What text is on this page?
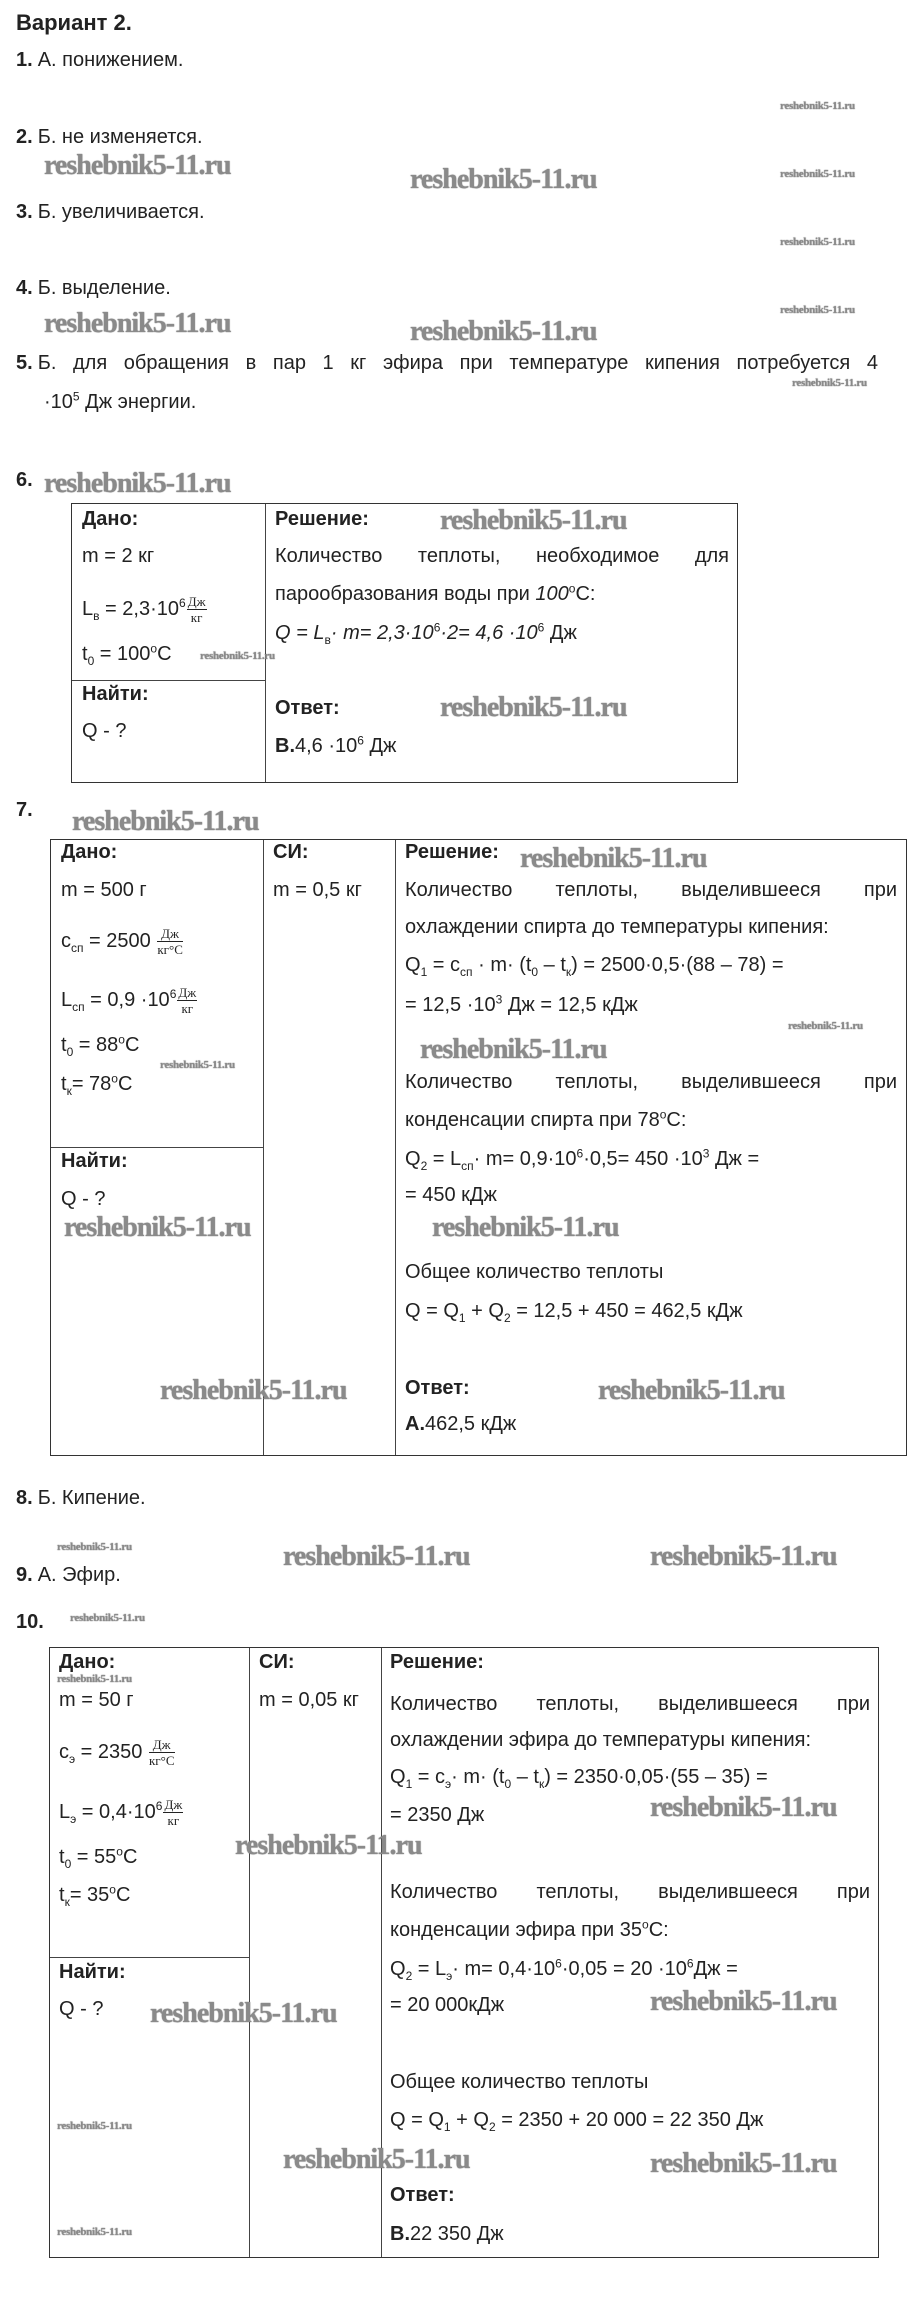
Вариант 2.
1. А. понижением.
2. Б. не изменяется.
3. Б. увеличивается.
4. Б. выделение.
5. Б. для обращения в пар 1 кг эфира при температуре кипения потребуется 4
$\cdot 10^5$ Дж энергии.
6.
Дано:
m = 2 кг
$L_в = 2,3\cdot 10^6 \frac{Дж}{кг}$
$t_0 = 100^oC$
Найти:
Q - ?
Решение:
Количество теплоты, необходимое для
парообразования воды при 100$^o$C:
$Q = L_в\cdot m= 2,3\cdot 10^6\cdot 2= 4,6 \cdot 10^6$ Дж
Ответ:
$В.4,6 \cdot 10^6$ Дж
7.
Дано:
m = 500 г
$c_{сп} = 2500 \frac{Дж}{кг^\circ C}$
$L_{сп} = 0,9 \cdot 10^6 \frac{Дж}{кг}$
$t_0 = 88^oC$
$t_к= 78^oC$
Найти:
Q - ?
СИ:
m = 0,5 кг
Решение:
Количество теплоты, выделившееся при
охлаждении спирта до температуры кипения:
$Q_1 = c_{сп} \cdot m\cdot (t_0 - t_к) = 2500\cdot 0,5\cdot(88 - 78)$ =
= $12,5 \cdot 10^3$ Дж = 12,5 кДж
Количество теплоты, выделившееся при
конденсации спирта при 78$^o$C:
$Q_2 = L_{сп}\cdot m= 0,9\cdot 10^6\cdot 0,5= 450 \cdot 10^3$ Дж =
= 450 кДж
Общее количество теплоты
$Q = Q_1 + Q_2 = 12,5 + 450 = 462,5$ кДж
Ответ:
А.462,5 кДж
8. Б. Кипение.
9. А. Эфир.
10.
Дано:
m = 50 г
$c_э = 2350 \frac{Дж}{кг^\circ C}$
$L_э = 0,4\cdot 10^6 \frac{Дж}{кг}$
$t_0 = 55^oC$
$t_к= 35^oC$
Найти:
Q - ?
СИ:
m = 0,05 кг
Решение:
Количество теплоты, выделившееся при
охлаждении эфира до температуры кипения:
$Q_1 = c_э\cdot m\cdot (t_0 - t_к) = 2350\cdot 0,05\cdot(55 - 35)$ =
= 2350 Дж
Количество теплоты, выделившееся при
конденсации эфира при 35$^o$C:
$Q_2 = L_э\cdot m= 0,4\cdot 10^6\cdot 0,05 = 20 \cdot 10^6Дж$ =
= 20 000кДж
Общее количество теплоты
$Q = Q_1 + Q_2 = 2350 + 20$ 000 = 22 350 Дж
Ответ:
В.22 350 Дж
reshebnik5-11.ru	reshebnik5-11.ru
reshebnik5-11.ru
reshebnik5-11.ru
reshebnik5-11.ru
reshebnik5-11.ru	reshebnik5-11.ru
reshebnik5-11.ru
reshebnik5-11.ru
reshebnik5-11.ru
reshebnik5-11.ru
reshebnik5-11.ru
reshebnik5-11.ru
reshebnik5-11.ru
reshebnik5-11.ru
reshebnik5-11.ru
reshebnik5-11.ru
reshebnik5-11.ru
reshebnik5-11.ru	reshebnik5-11.ru
reshebnik5-11.ru	reshebnik5-11.ru
reshebnik5-11.ru	reshebnik5-11.ru	reshebnik5-11.ru
reshebnik5-11.ru
reshebnik5-11.ru
reshebnik5-11.ru
reshebnik5-11.ru
reshebnik5-11.ru	reshebnik5-11.ru
reshebnik5-11.ru
reshebnik5-11.ru	reshebnik5-11.ru
reshebnik5-11.ru
